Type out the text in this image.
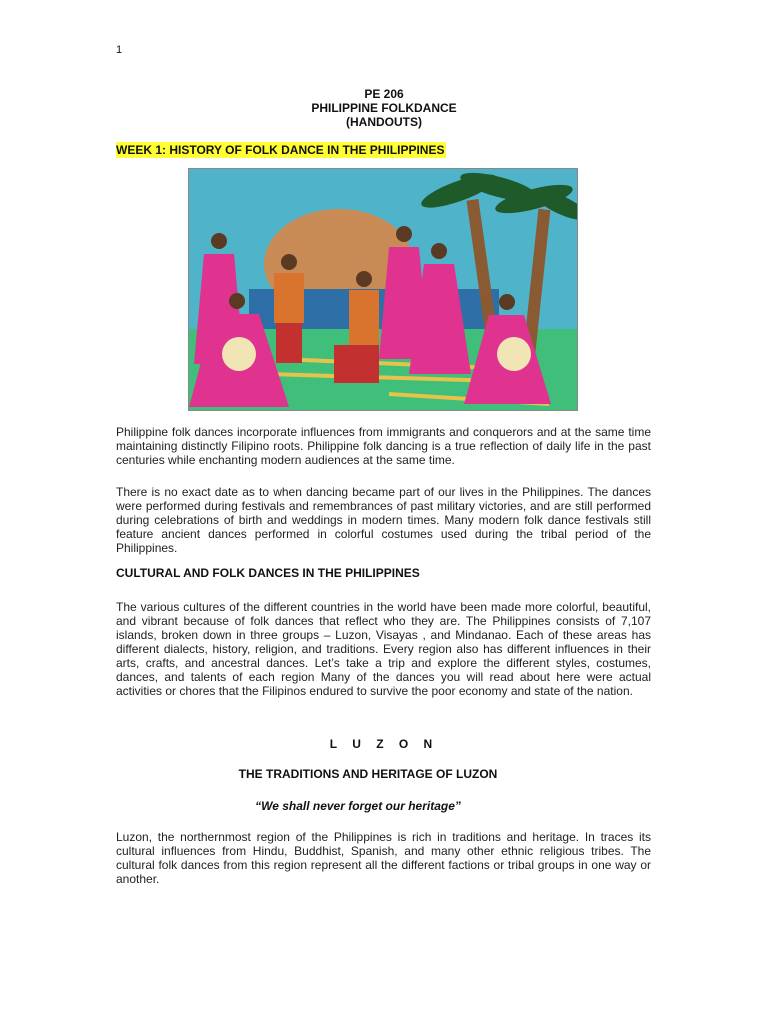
1
PE 206
PHILIPPINE FOLKDANCE
(HANDOUTS)
WEEK 1: HISTORY OF FOLK DANCE IN THE PHILIPPINES
Philippine folk dances incorporate influences from immigrants and conquerors and at the same time maintaining distinctly Filipino roots. Philippine folk dancing is a true reflection of daily life in the past centuries while enchanting modern audiences at the same time.
There is no exact date as to when dancing became part of our lives in the Philippines. The dances were performed during festivals and remembrances of past military victories, and are still performed during celebrations of birth and weddings in modern times. Many modern folk dance festivals still feature ancient dances performed in colorful costumes used during the tribal period of the Philippines.
CULTURAL AND FOLK DANCES IN THE PHILIPPINES
The various cultures of the different countries in the world have been made more colorful, beautiful, and vibrant because of folk dances that reflect who they are. The Philippines consists of 7,107 islands, broken down in three groups – Luzon, Visayas , and Mindanao. Each of these areas has different dialects, history, religion, and traditions. Every region also has different influences in their arts, crafts, and ancestral dances. Let’s take a trip and explore the different styles, costumes, dances, and talents of each region Many of the dances you will read about here were actual activities or chores that the Filipinos endured to survive the poor economy and state of the nation.
L U Z O N
THE TRADITIONS AND HERITAGE OF LUZON
“We shall never forget our heritage”
Luzon, the northernmost region of the Philippines is rich in traditions and heritage. In traces its cultural influences from Hindu, Buddhist, Spanish, and many other ethnic religious tribes. The cultural folk dances from this region represent all the different factions or tribal groups in one way or another.
